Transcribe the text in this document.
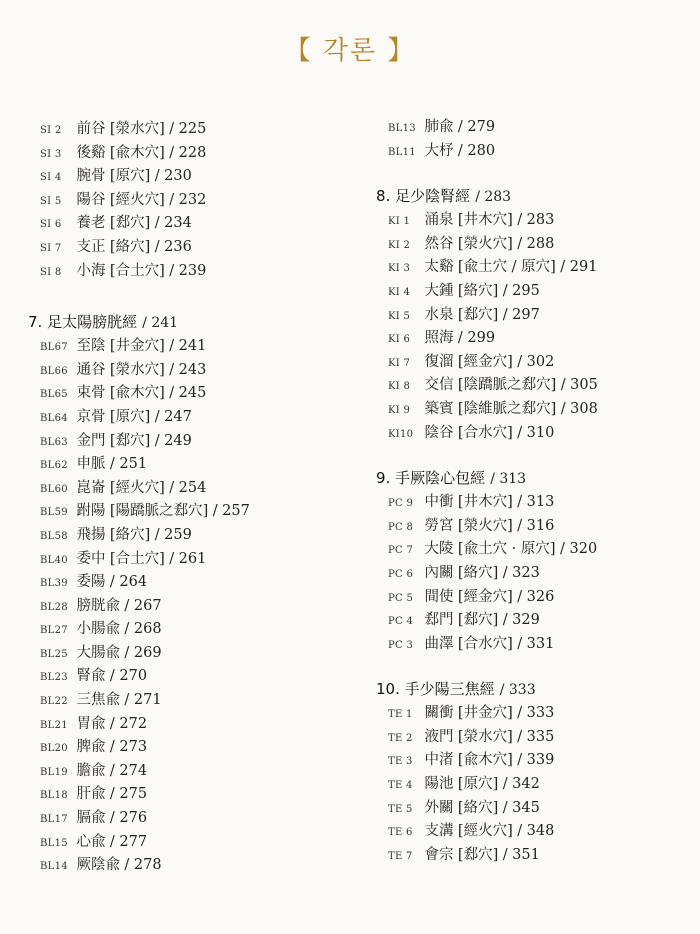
【 각론 】
SI 2 前谷 [滎水穴] / 225
SI 3 後谿 [兪木穴] / 228
SI 4 腕骨 [原穴] / 230
SI 5 陽谷 [經火穴] / 232
SI 6 養老 [郄穴] / 234
SI 7 支正 [絡穴] / 236
SI 8 小海 [合土穴] / 239
7. 足太陽膀胱經 / 241
BL67 至陰 [井金穴] / 241
BL66 通谷 [滎水穴] / 243
BL65 束骨 [兪木穴] / 245
BL64 京骨 [原穴] / 247
BL63 金門 [郄穴] / 249
BL62 申脈 / 251
BL60 崑崙 [經火穴] / 254
BL59 跗陽 [陽蹻脈之郄穴] / 257
BL58 飛揚 [絡穴] / 259
BL40 委中 [合土穴] / 261
BL39 委陽 / 264
BL28 膀胱兪 / 267
BL27 小腸兪 / 268
BL25 大腸兪 / 269
BL23 腎兪 / 270
BL22 三焦兪 / 271
BL21 胃兪 / 272
BL20 脾兪 / 273
BL19 膽兪 / 274
BL18 肝兪 / 275
BL17 膈兪 / 276
BL15 心兪 / 277
BL14 厥陰兪 / 278
BL13 肺兪 / 279
BL11 大杼 / 280
8. 足少陰腎經 / 283
KI 1 涌泉 [井木穴] / 283
KI 2 然谷 [滎火穴] / 288
KI 3 太谿 [兪土穴 / 原穴] / 291
KI 4 大鍾 [絡穴] / 295
KI 5 水泉 [郄穴] / 297
KI 6 照海 / 299
KI 7 復溜 [經金穴] / 302
KI 8 交信 [陰蹻脈之郄穴] / 305
KI 9 築賓 [陰維脈之郄穴] / 308
KI10 陰谷 [合水穴] / 310
9. 手厥陰心包經 / 313
PC 9 中衝 [井木穴] / 313
PC 8 勞宮 [滎火穴] / 316
PC 7 大陵 [兪土穴 · 原穴] / 320
PC 6 內關 [絡穴] / 323
PC 5 間使 [經金穴] / 326
PC 4 郄門 [郄穴] / 329
PC 3 曲澤 [合水穴] / 331
10. 手少陽三焦經 / 333
TE 1 關衝 [井金穴] / 333
TE 2 液門 [滎水穴] / 335
TE 3 中渚 [兪木穴] / 339
TE 4 陽池 [原穴] / 342
TE 5 外關 [絡穴] / 345
TE 6 支溝 [經火穴] / 348
TE 7 會宗 [郄穴] / 351
